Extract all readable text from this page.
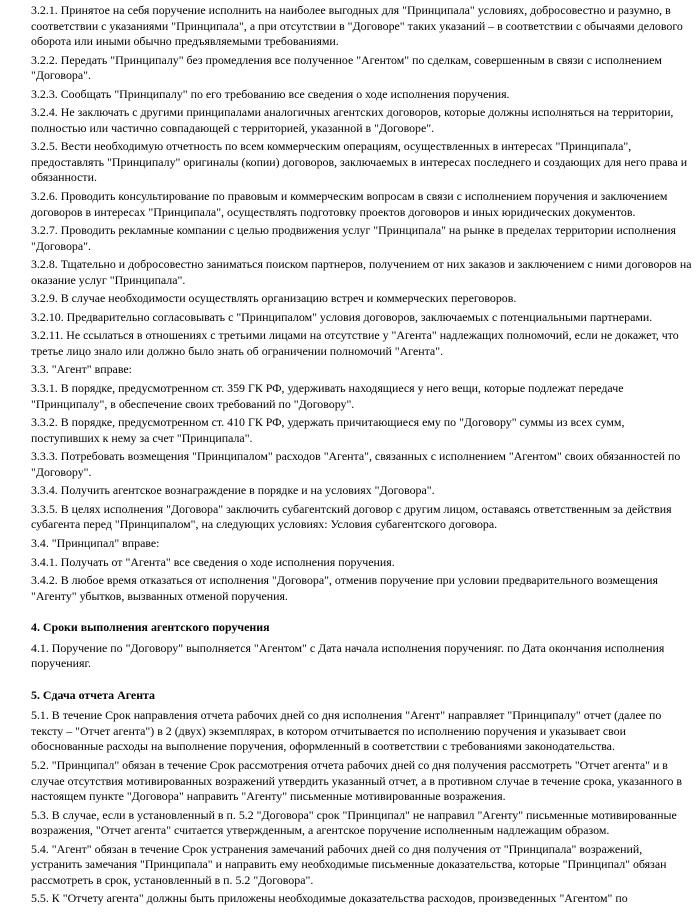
3.2.1. Принятое на себя поручение исполнить на наиболее выгодных для "Принципала" условиях, добросовестно и разумно, в соответствии с указаниями "Принципала", а при отсутствии в "Договоре" таких указаний – в соответствии с обычаями делового оборота или иными обычно предъявляемыми требованиями.

3.2.2. Передать "Принципалу" без промедления все полученное "Агентом" по сделкам, совершенным в связи с исполнением "Договора".

3.2.3. Сообщать "Принципалу" по его требованию все сведения о ходе исполнения поручения.

3.2.4. Не заключать с другими принципалами аналогичных агентских договоров, которые должны исполняться на территории, полностью или частично совпадающей с территорией, указанной в "Договоре".

3.2.5. Вести необходимую отчетность по всем коммерческим операциям, осуществленных в интересах "Принципала", предоставлять "Принципалу" оригиналы (копии) договоров, заключаемых в интересах последнего и создающих для него права и обязанности.

3.2.6. Проводить консультирование по правовым и коммерческим вопросам в связи с исполнением поручения и заключением договоров в интересах "Принципала", осуществлять подготовку проектов договоров и иных юридических документов.

3.2.7. Проводить рекламные компании с целью продвижения услуг "Принципала" на рынке в пределах территории исполнения "Договора".

3.2.8. Тщательно и добросовестно заниматься поиском партнеров, получением от них заказов и заключением с ними договоров на оказание услуг "Принципала".

3.2.9. В случае необходимости осуществлять организацию встреч и коммерческих переговоров.

3.2.10. Предварительно согласовывать с "Принципалом" условия договоров, заключаемых с потенциальными партнерами.

3.2.11. Не ссылаться в отношениях с третьими лицами на отсутствие у "Агента" надлежащих полномочий, если не докажет, что третье лицо знало или должно было знать об ограничении полномочий "Агента".

3.3. "Агент" вправе:

3.3.1. В порядке, предусмотренном ст. 359 ГК РФ, удерживать находящиеся у него вещи, которые подлежат передаче "Принципалу", в обеспечение своих требований по "Договору".

3.3.2. В порядке, предусмотренном ст. 410 ГК РФ, удержать причитающиеся ему по "Договору" суммы из всех сумм, поступивших к нему за счет "Принципала".

3.3.3. Потребовать возмещения "Принципалом" расходов "Агента", связанных с исполнением "Агентом" своих обязанностей по "Договору".

3.3.4. Получить агентское вознаграждение в порядке и на условиях "Договора".

3.3.5. В целях исполнения "Договора" заключить субагентский договор с другим лицом, оставаясь ответственным за действия субагента перед "Принципалом", на следующих условиях: Условия субагентского договора.

3.4. "Принципал" вправе:

3.4.1. Получать от "Агента" все сведения о ходе исполнения поручения.

3.4.2. В любое время отказаться от исполнения "Договора", отменив поручение при условии предварительного возмещения "Агенту" убытков, вызванных отменой поручения.

4. Сроки выполнения агентского поручения

4.1. Поручение по "Договору" выполняется "Агентом" с Дата начала исполнения порученияг. по Дата окончания исполнения порученияг.

5. Сдача отчета Агента

5.1. В течение Срок направления отчета рабочих дней со дня исполнения "Агент" направляет "Принципалу" отчет (далее по тексту – "Отчет агента") в 2 (двух) экземплярах, в котором отчитывается по исполнению поручения и указывает свои обоснованные расходы на выполнение поручения, оформленный в соответствии с требованиями законодательства.

5.2. "Принципал" обязан в течение Срок рассмотрения отчета рабочих дней со дня получения рассмотреть "Отчет агента" и в случае отсутствия мотивированных возражений утвердить указанный отчет, а в противном случае в течение срока, указанного в настоящем пункте "Договора" направить "Агенту" письменные мотивированные возражения.

5.3. В случае, если в установленный в п. 5.2 "Договора" срок "Принципал" не направил "Агенту" письменные мотивированные возражения, "Отчет агента" считается утвержденным, а агентское поручение исполненным надлежащим образом.

5.4. "Агент" обязан в течение Срок устранения замечаний рабочих дней со дня получения от "Принципала" возражений, устранить замечания "Принципала" и направить ему необходимые письменные доказательства, которые "Принципал" обязан рассмотреть в срок, установленный в п. 5.2 "Договора".

5.5. К "Отчету агента" должны быть приложены необходимые доказательства расходов, произведенных "Агентом" по
